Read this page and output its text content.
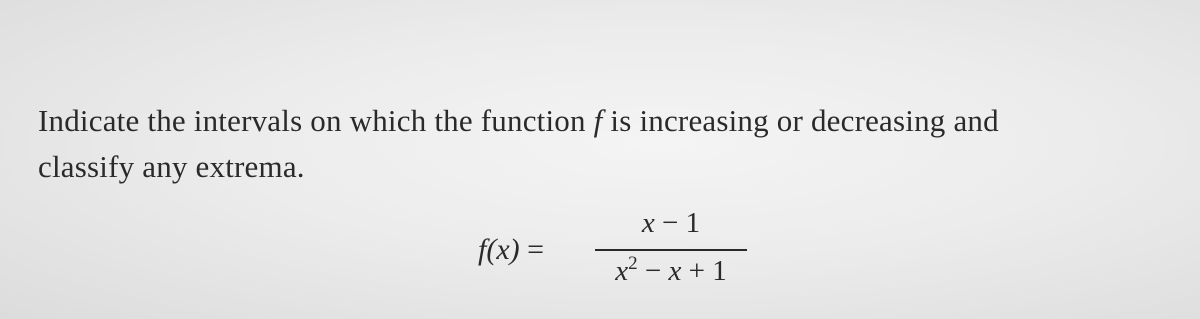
Indicate the intervals on which the function f is increasing or decreasing and
classify any extrema.
f(x) =
x − 1
$x^2 - x + 1$
